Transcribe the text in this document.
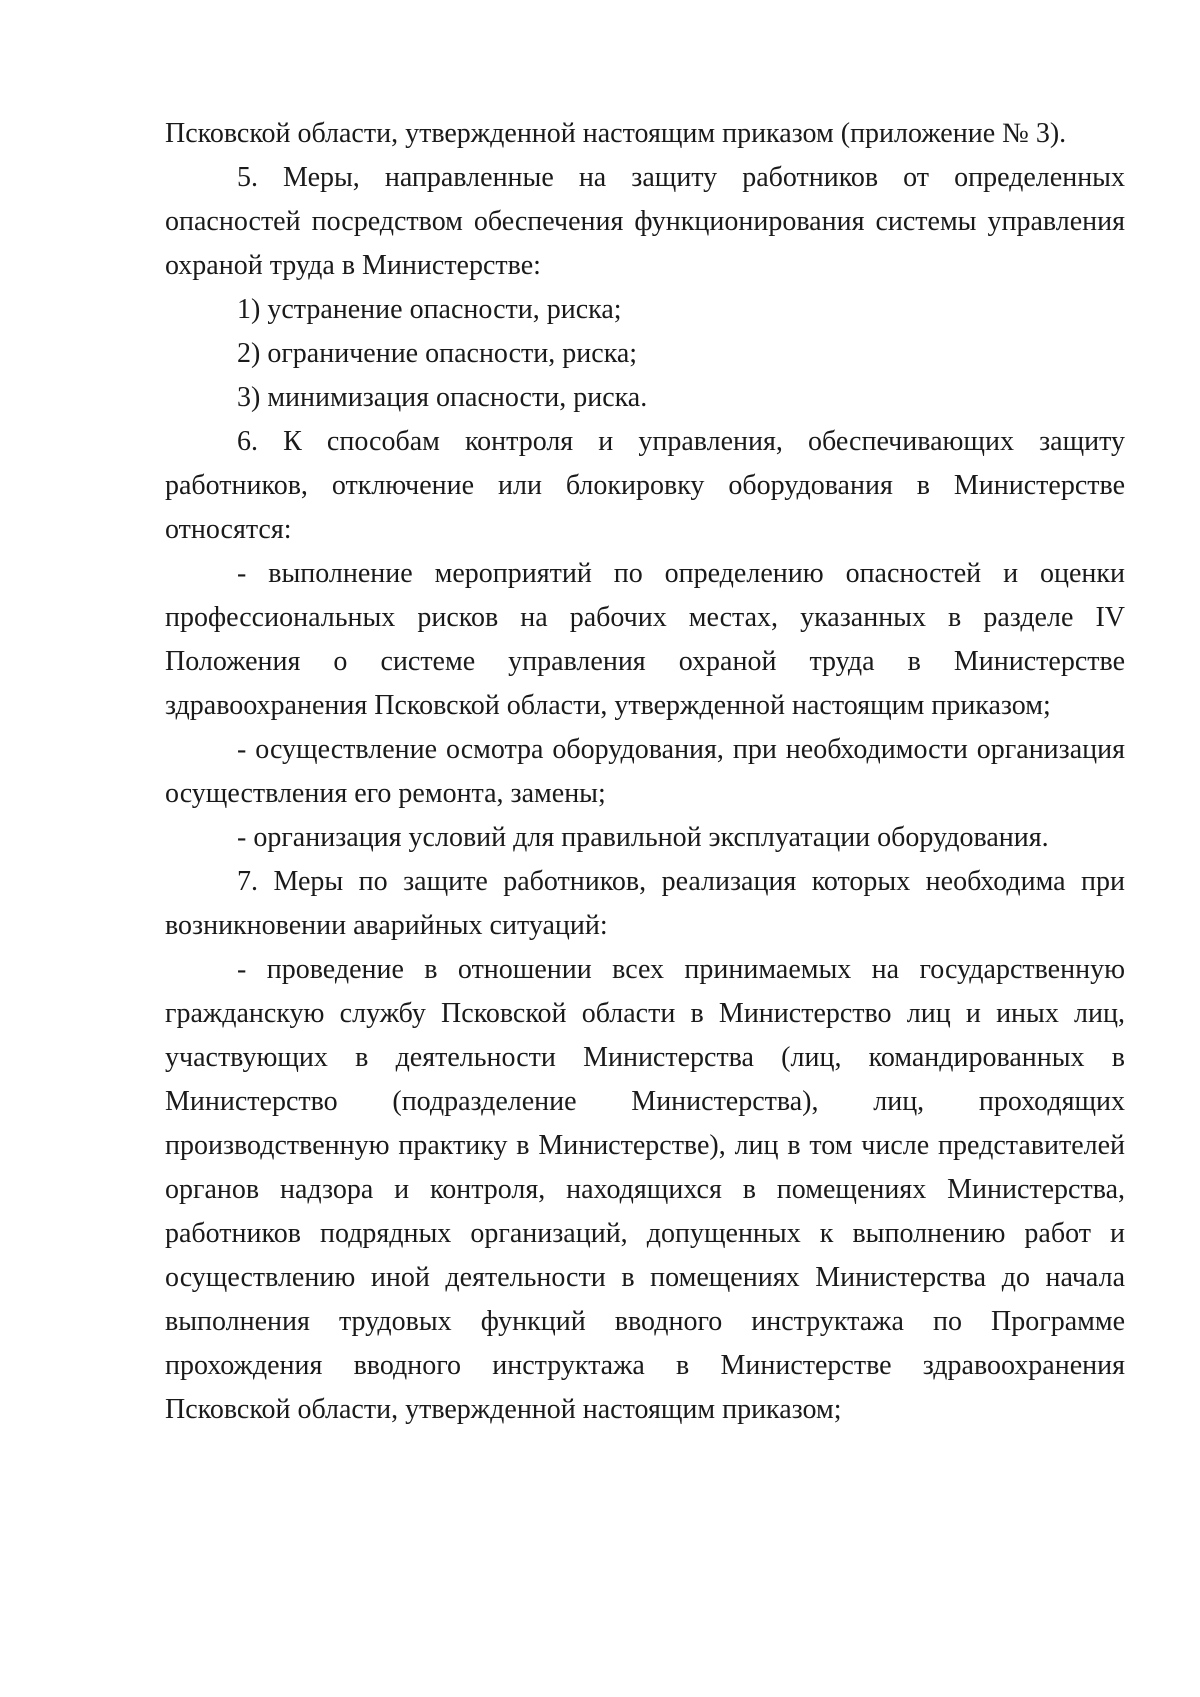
Псковской области, утвержденной настоящим приказом (приложение № 3).

5. Меры, направленные на защиту работников от определенных опасностей посредством обеспечения функционирования системы управления охраной труда в Министерстве:

1) устранение опасности, риска;

2) ограничение опасности, риска;

3) минимизация опасности, риска.

6. К способам контроля и управления, обеспечивающих защиту работников, отключение или блокировку оборудования в Министерстве относятся:

- выполнение мероприятий по определению опасностей и оценки профессиональных рисков на рабочих местах, указанных в разделе IV Положения о системе управления охраной труда в Министерстве здравоохранения Псковской области, утвержденной настоящим приказом;

- осуществление осмотра оборудования, при необходимости организация осуществления его ремонта, замены;

- организация условий для правильной эксплуатации оборудования.

7. Меры по защите работников, реализация которых необходима при возникновении аварийных ситуаций:

- проведение в отношении всех принимаемых на государственную гражданскую службу Псковской области в Министерство лиц и иных лиц, участвующих в деятельности Министерства (лиц, командированных в Министерство (подразделение Министерства), лиц, проходящих производственную практику в Министерстве), лиц в том числе представителей органов надзора и контроля, находящихся в помещениях Министерства, работников подрядных организаций, допущенных к выполнению работ и осуществлению иной деятельности в помещениях Министерства до начала выполнения трудовых функций вводного инструктажа по Программе прохождения вводного инструктажа в Министерстве здравоохранения Псковской области, утвержденной настоящим приказом;
